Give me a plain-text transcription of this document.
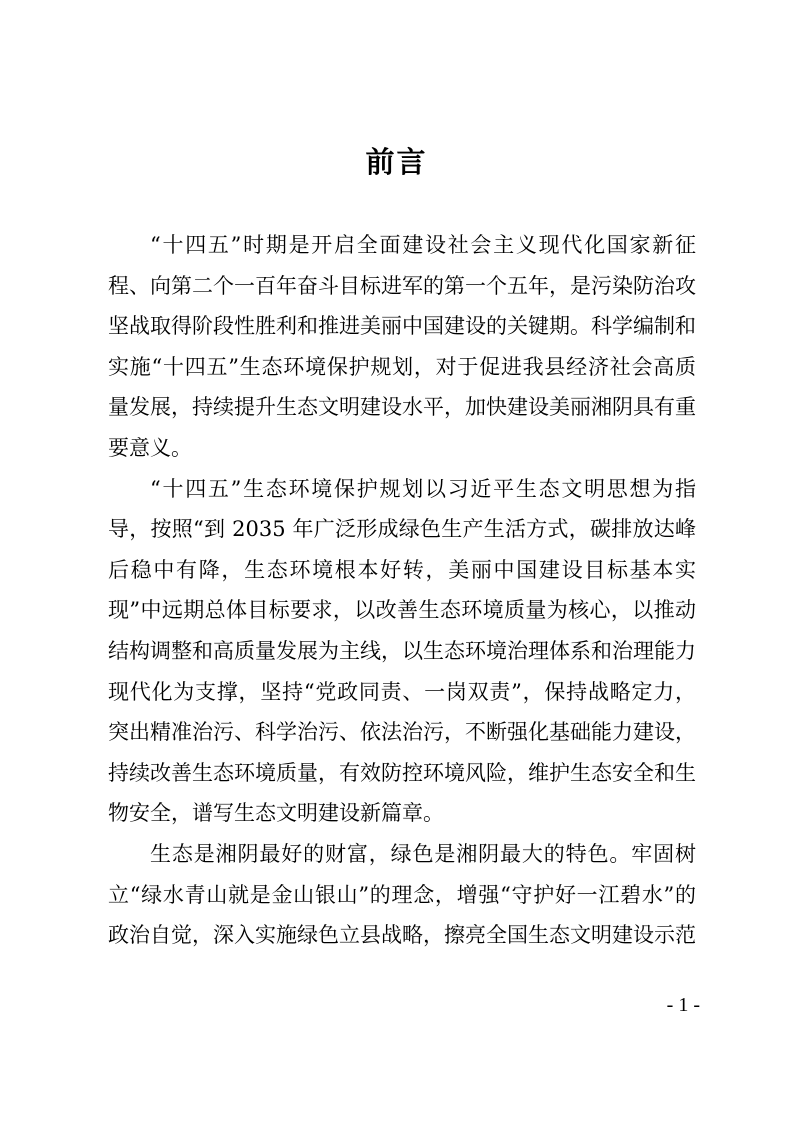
前言

“十四五”时期是开启全面建设社会主义现代化国家新征程、向第二个一百年奋斗目标进军的第一个五年，是污染防治攻坚战取得阶段性胜利和推进美丽中国建设的关键期。科学编制和实施“十四五”生态环境保护规划，对于促进我县经济社会高质量发展，持续提升生态文明建设水平，加快建设美丽湘阴具有重要意义。

“十四五”生态环境保护规划以习近平生态文明思想为指导，按照“到 2035 年广泛形成绿色生产生活方式，碳排放达峰后稳中有降，生态环境根本好转，美丽中国建设目标基本实现”中远期总体目标要求，以改善生态环境质量为核心，以推动结构调整和高质量发展为主线，以生态环境治理体系和治理能力现代化为支撑，坚持“党政同责、一岗双责”，保持战略定力，突出精准治污、科学治污、依法治污，不断强化基础能力建设，持续改善生态环境质量，有效防控环境风险，维护生态安全和生物安全，谱写生态文明建设新篇章。

生态是湘阴最好的财富，绿色是湘阴最大的特色。牢固树立“绿水青山就是金山银山”的理念，增强“守护好一江碧水”的政治自觉，深入实施绿色立县战略，擦亮全国生态文明建设示范

- 1 -
